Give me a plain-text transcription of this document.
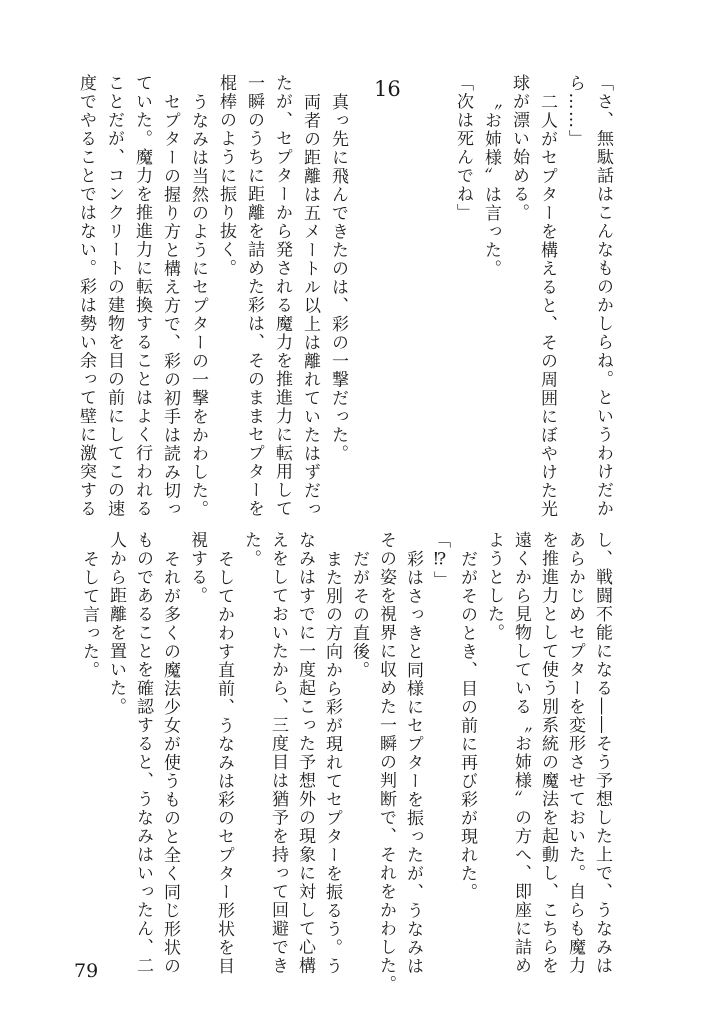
16	「さ、無駄話はこんなものかしらね。というわけだか
ら……」
二人がセプターを構えると、その周囲にぼやけた光
球が漂い始める。
〝お姉様〟は言った。
「次は死んでね」
真っ先に飛んできたのは、彩の一撃だった。
両者の距離は五メートル以上は離れていたはずだっ
たが、セプターから発される魔力を推進力に転用して
一瞬のうちに距離を詰めた彩は、そのままセプターを
棍棒のように振り抜く。
うなみは当然のようにセプターの一撃をかわした。
セプターの握り方と構え方で、彩の初手は読み切っ
ていた。魔力を推進力に転換することはよく行われる
ことだが、コンクリートの建物を目の前にしてこの速
度でやることではない。彩は勢い余って壁に激突する
し、戦闘不能になる――そう予想した上で、うなみは
あらかじめセプターを変形させておいた。自らも魔力
を推進力として使う別系統の魔法を起動し、こちらを
遠くから見物している〝お姉様〟の方へ、即座に詰め
ようとした。
だがそのとき、目の前に再び彩が現れた。
「⁉」
彩はさっきと同様にセプターを振ったが、うなみは
その姿を視界に収めた一瞬の判断で、それをかわした。
だがその直後。
また別の方向から彩が現れてセプターを振るう。う
なみはすでに一度起こった予想外の現象に対して心構
えをしておいたから、三度目は猶予を持って回避でき
た。
そしてかわす直前、うなみは彩のセプター形状を目
視する。
それが多くの魔法少女が使うものと全く同じ形状の
ものであることを確認すると、うなみはいったん、二
人から距離を置いた。
そして言った。
79
